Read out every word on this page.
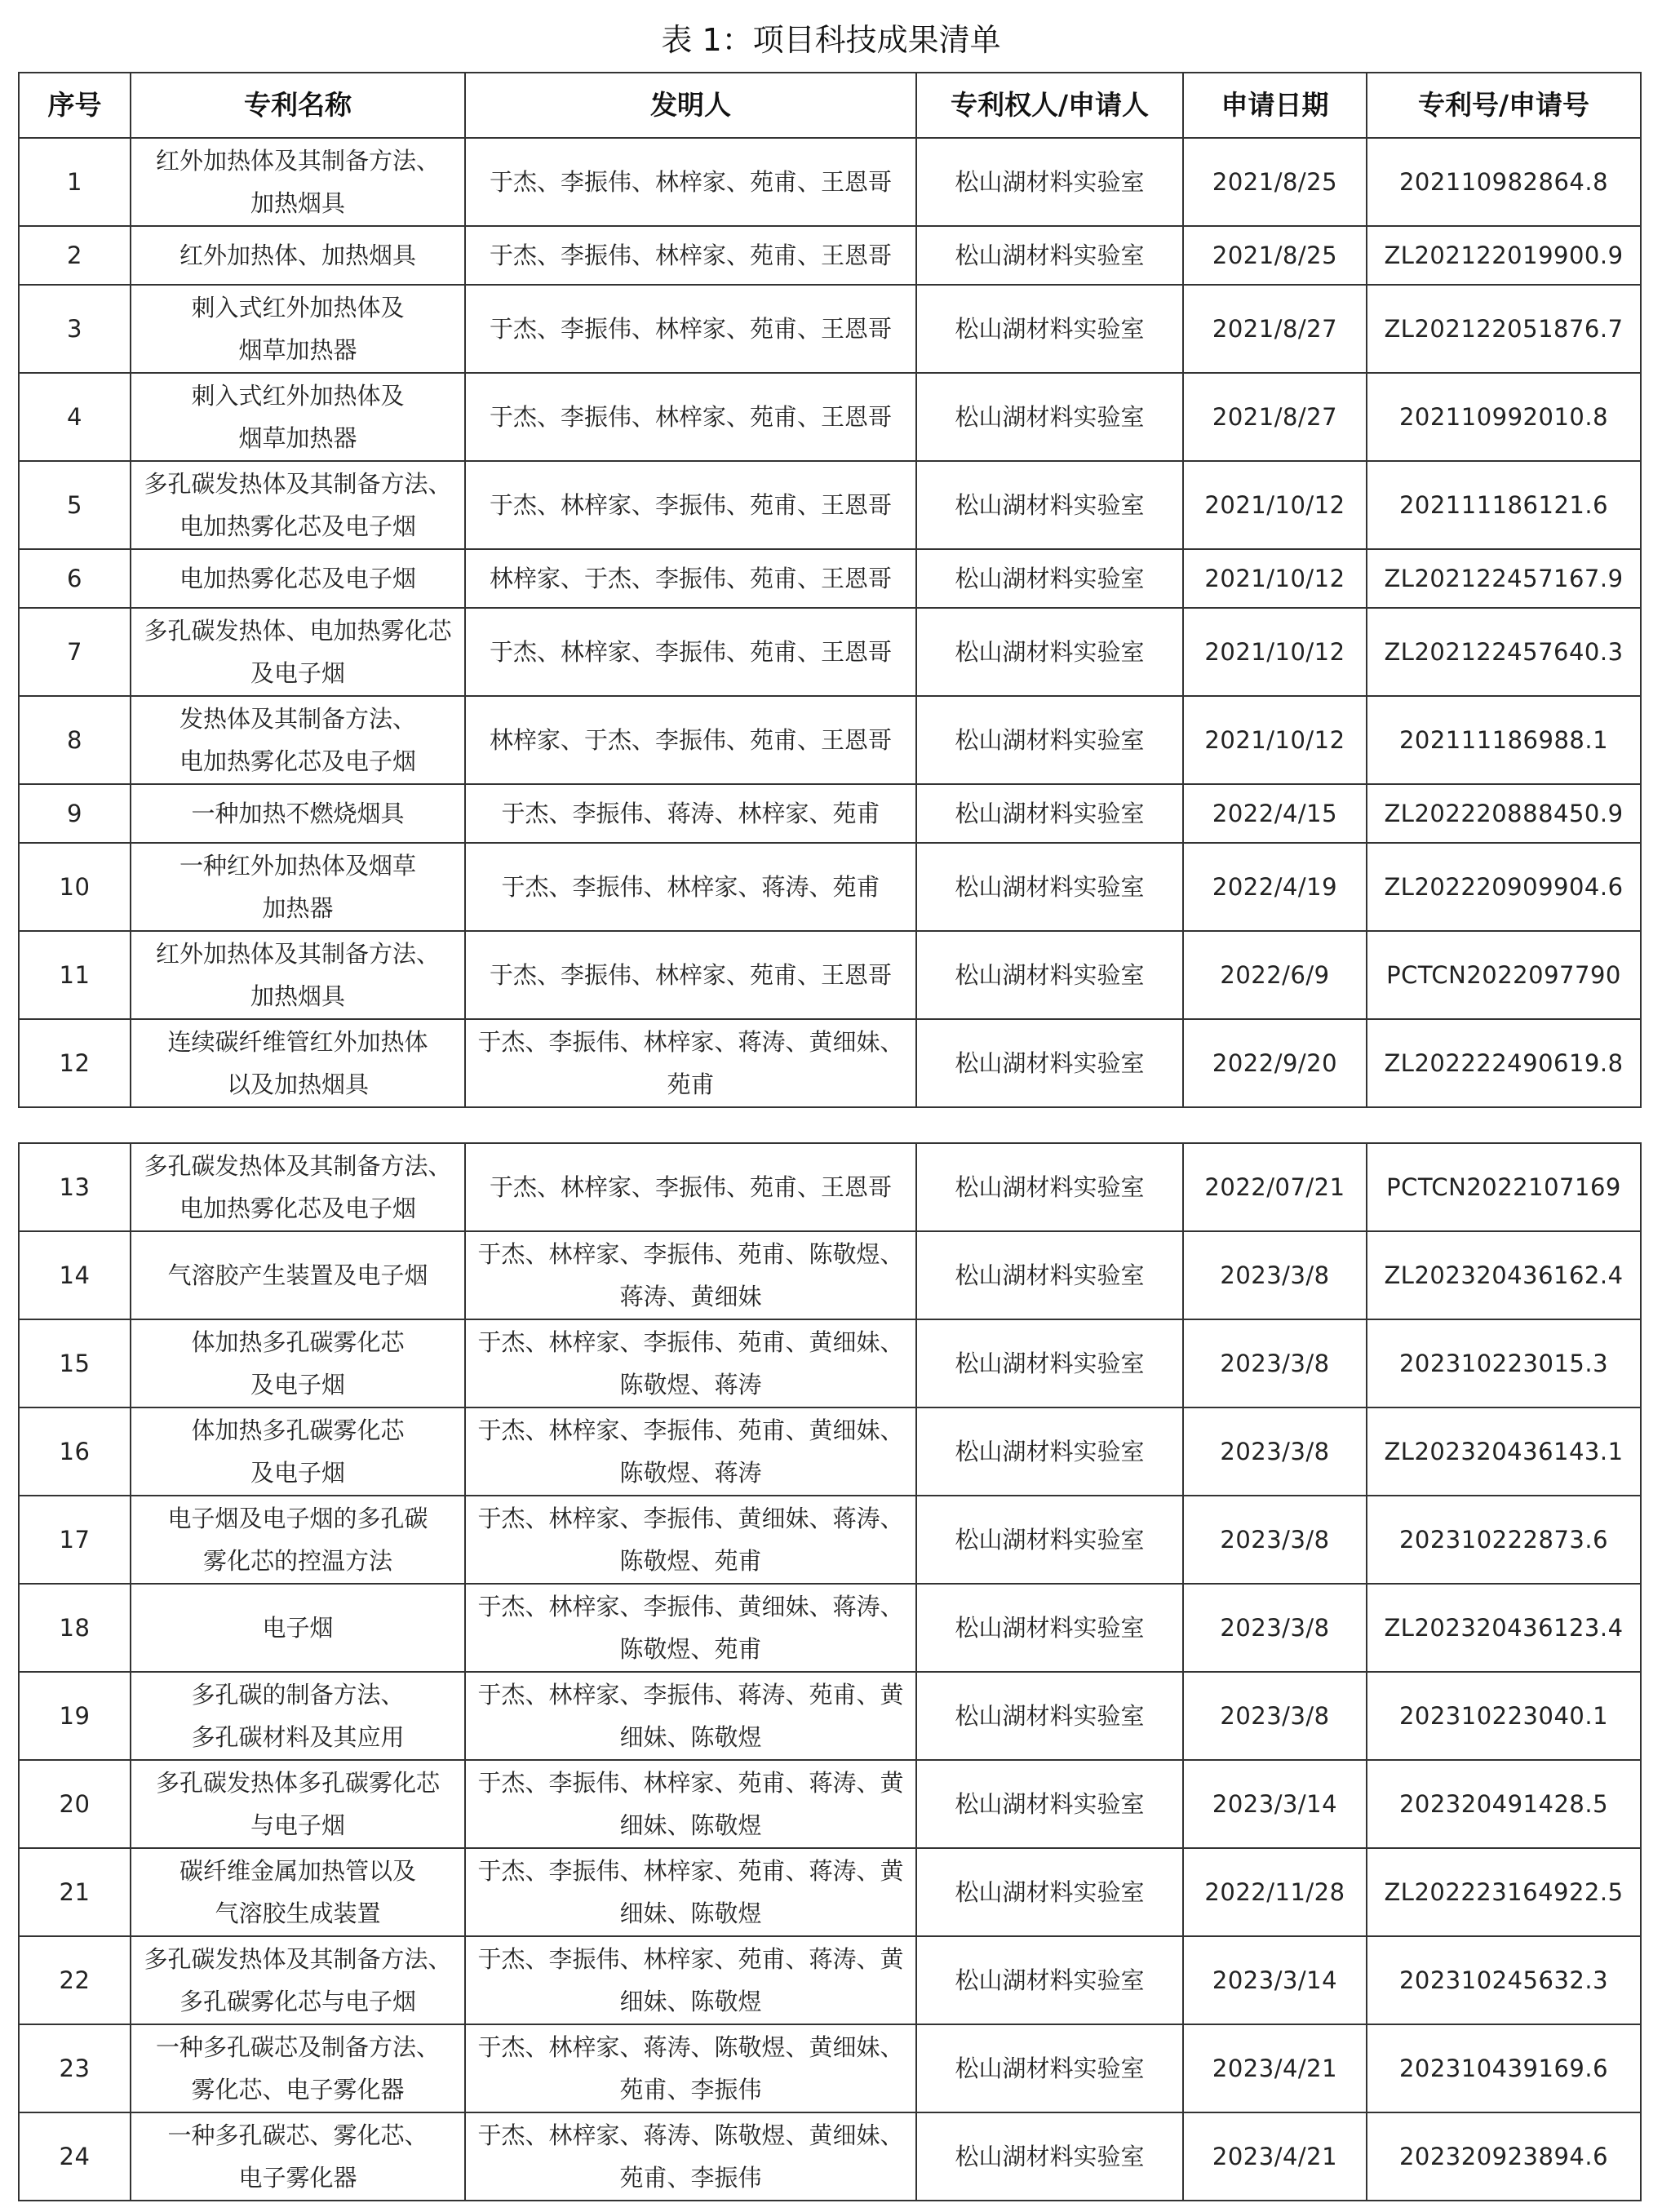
表 1：项目科技成果清单
序号	专利名称	发明人	专利权人/申请人	申请日期	专利号/申请号
1	红外加热体及其制备方法、
加热烟具	于杰、李振伟、林梓家、苑甫、王恩哥	松山湖材料实验室	2021/8/25	202110982864.8
2	红外加热体、加热烟具	于杰、李振伟、林梓家、苑甫、王恩哥	松山湖材料实验室	2021/8/25	ZL202122019900.9
3	刺入式红外加热体及
烟草加热器	于杰、李振伟、林梓家、苑甫、王恩哥	松山湖材料实验室	2021/8/27	ZL202122051876.7
4	刺入式红外加热体及
烟草加热器	于杰、李振伟、林梓家、苑甫、王恩哥	松山湖材料实验室	2021/8/27	202110992010.8
5	多孔碳发热体及其制备方法、
电加热雾化芯及电子烟	于杰、林梓家、李振伟、苑甫、王恩哥	松山湖材料实验室	2021/10/12	202111186121.6
6	电加热雾化芯及电子烟	林梓家、于杰、李振伟、苑甫、王恩哥	松山湖材料实验室	2021/10/12	ZL202122457167.9
7	多孔碳发热体、电加热雾化芯
及电子烟	于杰、林梓家、李振伟、苑甫、王恩哥	松山湖材料实验室	2021/10/12	ZL202122457640.3
8	发热体及其制备方法、
电加热雾化芯及电子烟	林梓家、于杰、李振伟、苑甫、王恩哥	松山湖材料实验室	2021/10/12	202111186988.1
9	一种加热不燃烧烟具	于杰、李振伟、蒋涛、林梓家、苑甫	松山湖材料实验室	2022/4/15	ZL202220888450.9
10	一种红外加热体及烟草
加热器	于杰、李振伟、林梓家、蒋涛、苑甫	松山湖材料实验室	2022/4/19	ZL202220909904.6
11	红外加热体及其制备方法、
加热烟具	于杰、李振伟、林梓家、苑甫、王恩哥	松山湖材料实验室	2022/6/9	PCTCN2022097790
12	连续碳纤维管红外加热体
以及加热烟具	于杰、李振伟、林梓家、蒋涛、黄细妹、
苑甫	松山湖材料实验室	2022/9/20	ZL202222490619.8
13	多孔碳发热体及其制备方法、
电加热雾化芯及电子烟	于杰、林梓家、李振伟、苑甫、王恩哥	松山湖材料实验室	2022/07/21	PCTCN2022107169
14	气溶胶产生装置及电子烟	于杰、林梓家、李振伟、苑甫、陈敬煜、
蒋涛、黄细妹	松山湖材料实验室	2023/3/8	ZL202320436162.4
15	体加热多孔碳雾化芯
及电子烟	于杰、林梓家、李振伟、苑甫、黄细妹、
陈敬煜、蒋涛	松山湖材料实验室	2023/3/8	202310223015.3
16	体加热多孔碳雾化芯
及电子烟	于杰、林梓家、李振伟、苑甫、黄细妹、
陈敬煜、蒋涛	松山湖材料实验室	2023/3/8	ZL202320436143.1
17	电子烟及电子烟的多孔碳
雾化芯的控温方法	于杰、林梓家、李振伟、黄细妹、蒋涛、
陈敬煜、苑甫	松山湖材料实验室	2023/3/8	202310222873.6
18	电子烟	于杰、林梓家、李振伟、黄细妹、蒋涛、
陈敬煜、苑甫	松山湖材料实验室	2023/3/8	ZL202320436123.4
19	多孔碳的制备方法、
多孔碳材料及其应用	于杰、林梓家、李振伟、蒋涛、苑甫、黄
细妹、陈敬煜	松山湖材料实验室	2023/3/8	202310223040.1
20	多孔碳发热体多孔碳雾化芯
与电子烟	于杰、李振伟、林梓家、苑甫、蒋涛、黄
细妹、陈敬煜	松山湖材料实验室	2023/3/14	202320491428.5
21	碳纤维金属加热管以及
气溶胶生成装置	于杰、李振伟、林梓家、苑甫、蒋涛、黄
细妹、陈敬煜	松山湖材料实验室	2022/11/28	ZL202223164922.5
22	多孔碳发热体及其制备方法、
多孔碳雾化芯与电子烟	于杰、李振伟、林梓家、苑甫、蒋涛、黄
细妹、陈敬煜	松山湖材料实验室	2023/3/14	202310245632.3
23	一种多孔碳芯及制备方法、
雾化芯、电子雾化器	于杰、林梓家、蒋涛、陈敬煜、黄细妹、
苑甫、李振伟	松山湖材料实验室	2023/4/21	202310439169.6
24	一种多孔碳芯、雾化芯、
电子雾化器	于杰、林梓家、蒋涛、陈敬煜、黄细妹、
苑甫、李振伟	松山湖材料实验室	2023/4/21	202320923894.6
